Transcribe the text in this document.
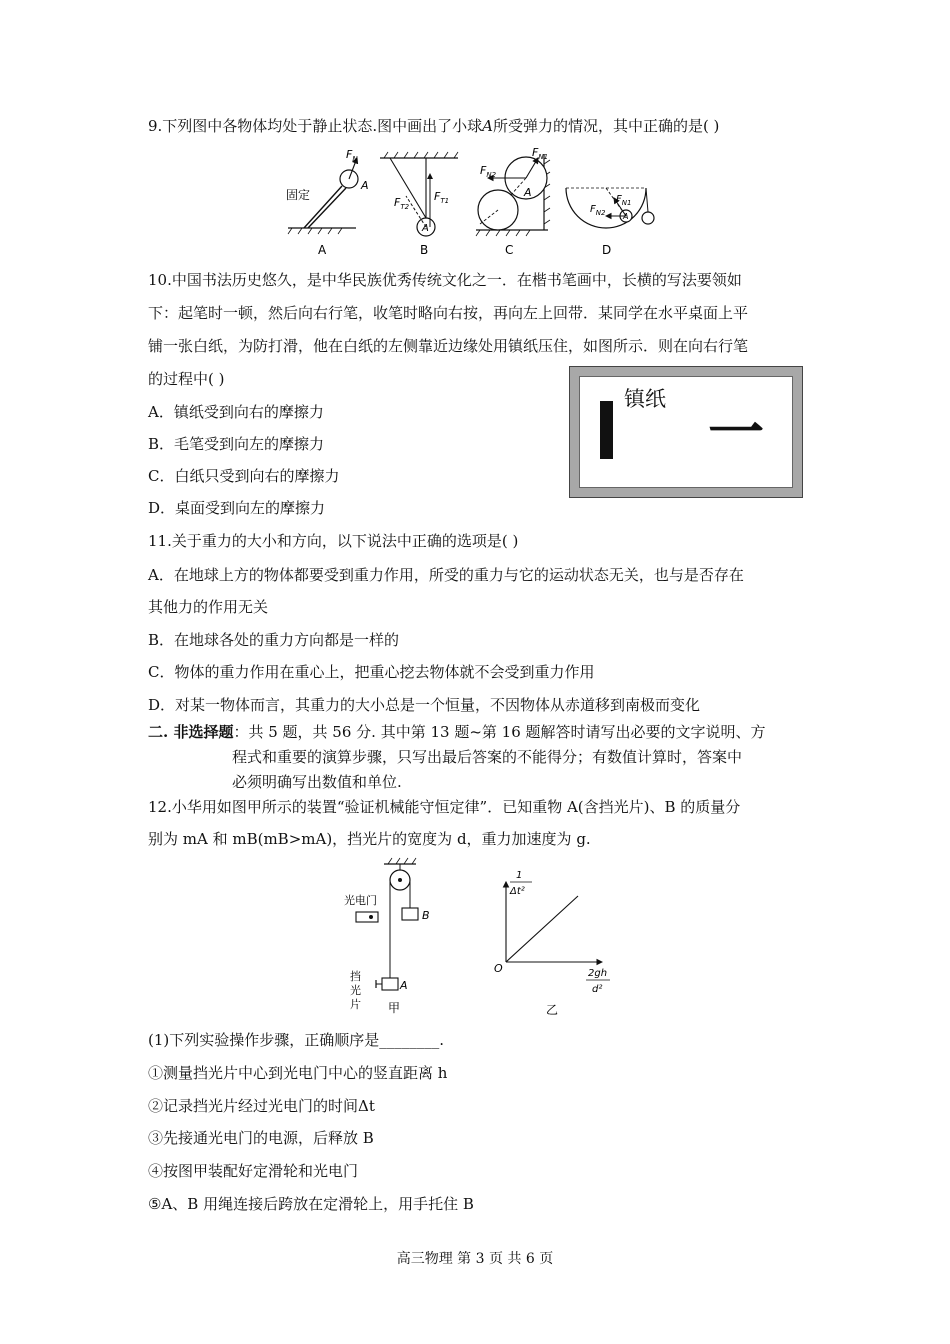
9.下列图中各物体均处于静止状态.图中画出了小球A所受弹力的情况，其中正确的是( )
$F_N$
固定
A
A
$F_{T2}$
$F_{T1}$
A
B
$F_{N1}$
$F_{N2}$
A
C
$F_{N1}$
$F_{N2}$ A
D
10.中国书法历史悠久，是中华民族优秀传统文化之一．在楷书笔画中，长横的写法要领如
下：起笔时一顿，然后向右行笔，收笔时略向右按，再向左上回带．某同学在水平桌面上平
铺一张白纸，为防打滑，他在白纸的左侧靠近边缘处用镇纸压住，如图所示．则在向右行笔
的过程中( )
A．镇纸受到向右的摩擦力
B．毛笔受到向左的摩擦力
C．白纸只受到向右的摩擦力
D．桌面受到向左的摩擦力
镇纸
一
11.关于重力的大小和方向，以下说法中正确的选项是( )
A．在地球上方的物体都要受到重力作用，所受的重力与它的运动状态无关，也与是否存在
其他力的作用无关
B．在地球各处的重力方向都是一样的
C．物体的重力作用在重心上，把重心挖去物体就不会受到重力作用
D．对某一物体而言，其重力的大小总是一个恒量，不因物体从赤道移到南极而变化
二. 非选择题：共 5 题，共 56 分. 其中第 13 题~第 16 题解答时请写出必要的文字说明、方
程式和重要的演算步骤，只写出最后答案的不能得分；有数值计算时，答案中
必须明确写出数值和单位.
12.小华用如图甲所示的装置“验证机械能守恒定律”．已知重物 A(含挡光片)、B 的质量分
别为 mA 和 mB(mB>mA)，挡光片的宽度为 d，重力加速度为 g.
B
光电门
A
挡
光
片 甲
1
Δt²
O	2gh
d²
乙
(1)下列实验操作步骤，正确顺序是________.
①测量挡光片中心到光电门中心的竖直距离 h
②记录挡光片经过光电门的时间Δt
③先接通光电门的电源，后释放 B
④按图甲装配好定滑轮和光电门
⑤A、B 用绳连接后跨放在定滑轮上，用手托住 B
高三物理 第 3 页 共 6 页
